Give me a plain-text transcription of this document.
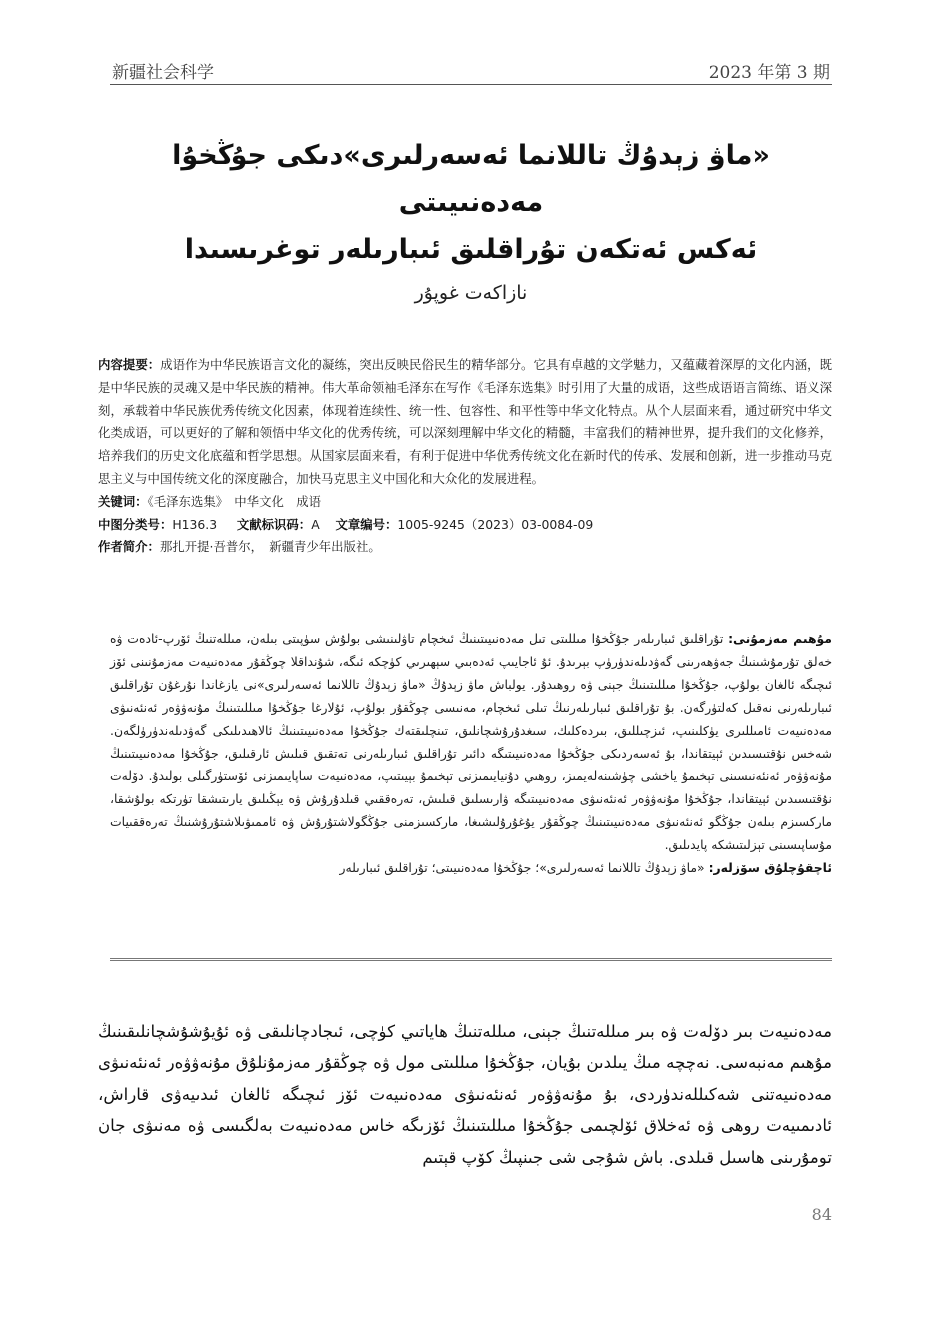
新疆社会科学	2023 年第 3 期
«ماۋ زېدۇڭ تاللانما ئەسەرلىرى»دىكى جۇڭخۇا مەدەنىيىتى
ئەكس ئەتكەن تۇراقلىق ئىبارىلەر توغرىسىدا
نازاكەت غوپۇر

内容提要：成语作为中华民族语言文化的凝练，突出反映民俗民生的精华部分。它具有卓越的文学魅力，又蕴藏着深厚的文化内涵，既是中华民族的灵魂又是中华民族的精神。伟大革命领袖毛泽东在写作《毛泽东选集》时引用了大量的成语，这些成语语言简练、语义深刻，承载着中华民族优秀传统文化因素，体现着连续性、统一性、包容性、和平性等中华文化特点。从个人层面来看，通过研究中华文化类成语，可以更好的了解和领悟中华文化的优秀传统，可以深刻理解中华文化的精髓，丰富我们的精神世界，提升我们的文化修养，培养我们的历史文化底蕴和哲学思想。从国家层面来看，有利于促进中华优秀传统文化在新时代的传承、发展和创新，进一步推动马克思主义与中国传统文化的深度融合，加快马克思主义中国化和大众化的发展进程。

关键词：《毛泽东选集》　中华文化　成语

中图分类号：H136.3 文献标识码：A 文章编号：1005-9245（2023）03-0084-09

作者简介：那扎开提·吾普尔，　新疆青少年出版社。

مۇھىم مەزمۇنى: تۇراقلىق ئىبارىلەر جۇڭخۇا مىللىتى تىل مەدەنىيىتىنىڭ ئىخچام تاۋلىنىشى بولۇش سۈپىتى بىلەن، مىللەتنىڭ ئۆرپ-ئادەت ۋە خەلق تۇرمۇشىنىڭ جەۋھەرىنى گەۋدىلەندۈرۈپ بېرىدۇ. ئۇ ئاجايىپ ئەدەبىي سېھىرىي كۈچكە ئىگە، شۇنداقلا چوڭقۇر مەدەنىيەت مەزمۇنىنى ئۆز ئىچىگە ئالغان بولۇپ، جۇڭخۇا مىللىتىنىڭ جېنى ۋە روھىدۇر. يولباش ماۋ زېدۇڭ «ماۋ زېدۇڭ تاللانما ئەسەرلىرى»نى يازغاندا نۇرغۇن تۇراقلىق ئىبارىلەرنى نەقىل كەلتۈرگەن. بۇ تۇراقلىق ئىبارىلەرنىڭ تىلى ئىخچام، مەنىسى چوڭقۇر بولۇپ، ئۇلارغا جۇڭخۇا مىللىتىنىڭ مۇنەۋۋەر ئەنئەنىۋى مەدەنىيەت ئامىللىرى يۈكلىنىپ، ئىزچىللىق، بىردەكلىك، سىغدۇرۇشچانلىق، تىنچلىقتەك جۇڭخۇا مەدەنىيىتىنىڭ ئالاھىدىلىكى گەۋدىلەندۈرۈلگەن. شەخس نۇقتىسىدىن ئېيتقاندا، بۇ ئەسەردىكى جۇڭخۇا مەدەنىيىتىگە دائىر تۇراقلىق ئىبارىلەرنى تەتقىق قىلىش ئارقىلىق، جۇڭخۇا مەدەنىيىتىنىڭ مۇنەۋۋەر ئەنئەنىسىنى تېخىمۇ ياخشى چۈشىنەلەيمىز، روھىي دۇنيايىمىزنى تېخىمۇ بېيىتىپ، مەدەنىيەت ساپايىمىزنى ئۆستۈرگىلى بولىدۇ. دۆلەت نۇقتىسىدىن ئېيتقاندا، جۇڭخۇا مۇنەۋۋەر ئەنئەنىۋى مەدەنىيىتىگە ۋارىسلىق قىلىش، تەرەققىي قىلدۇرۇش ۋە يېڭىلىق يارىتىشقا تۈرتكە بولۇشقا، ماركسىزم بىلەن جۇڭگو ئەنئەنىۋى مەدەنىيىتىنىڭ چوڭقۇر يۇغۇرۇلىشىغا، ماركسىزمنى جۇڭگولاشتۇرۇش ۋە ئاممىۋىلاشتۇرۇشنىڭ تەرەققىيات مۇساپىسىنى تېزلىتىشكە پايدىلىق.

ئاچقۇچلۇق سۆزلەر: «ماۋ زېدۇڭ تاللانما ئەسەرلىرى»؛ جۇڭخۇا مەدەنىيىتى؛ تۇراقلىق ئىبارىلەر

مەدەنىيەت بىر دۆلەت ۋە بىر مىللەتنىڭ جېنى، مىللەتنىڭ ھاياتىي كۈچى، ئىجادچانلىقى ۋە ئۇيۇشۇشچانلىقىنىڭ مۇھىم مەنبەسى. نەچچە مىڭ يىلدىن بۇيان، جۇڭخۇا مىللىتى مول ۋە چوڭقۇر مەزمۇنلۇق مۇنەۋۋەر ئەنئەنىۋى مەدەنىيەتنى شەكىللەندۈردى، بۇ مۇنەۋۋەر ئەنئەنىۋى مەدەنىيەت ئۆز ئىچىگە ئالغان ئىدىيەۋى قاراش، ئادىمىيەت روھى ۋە ئەخلاق ئۆلچىمى جۇڭخۇا مىللىتىنىڭ ئۆزىگە خاس مەدەنىيەت بەلگىسى ۋە مەنىۋى جان تومۇرىنى ھاسىل قىلدى. باش شۇجى شى جىنپىڭ كۆپ قېتىم

84
